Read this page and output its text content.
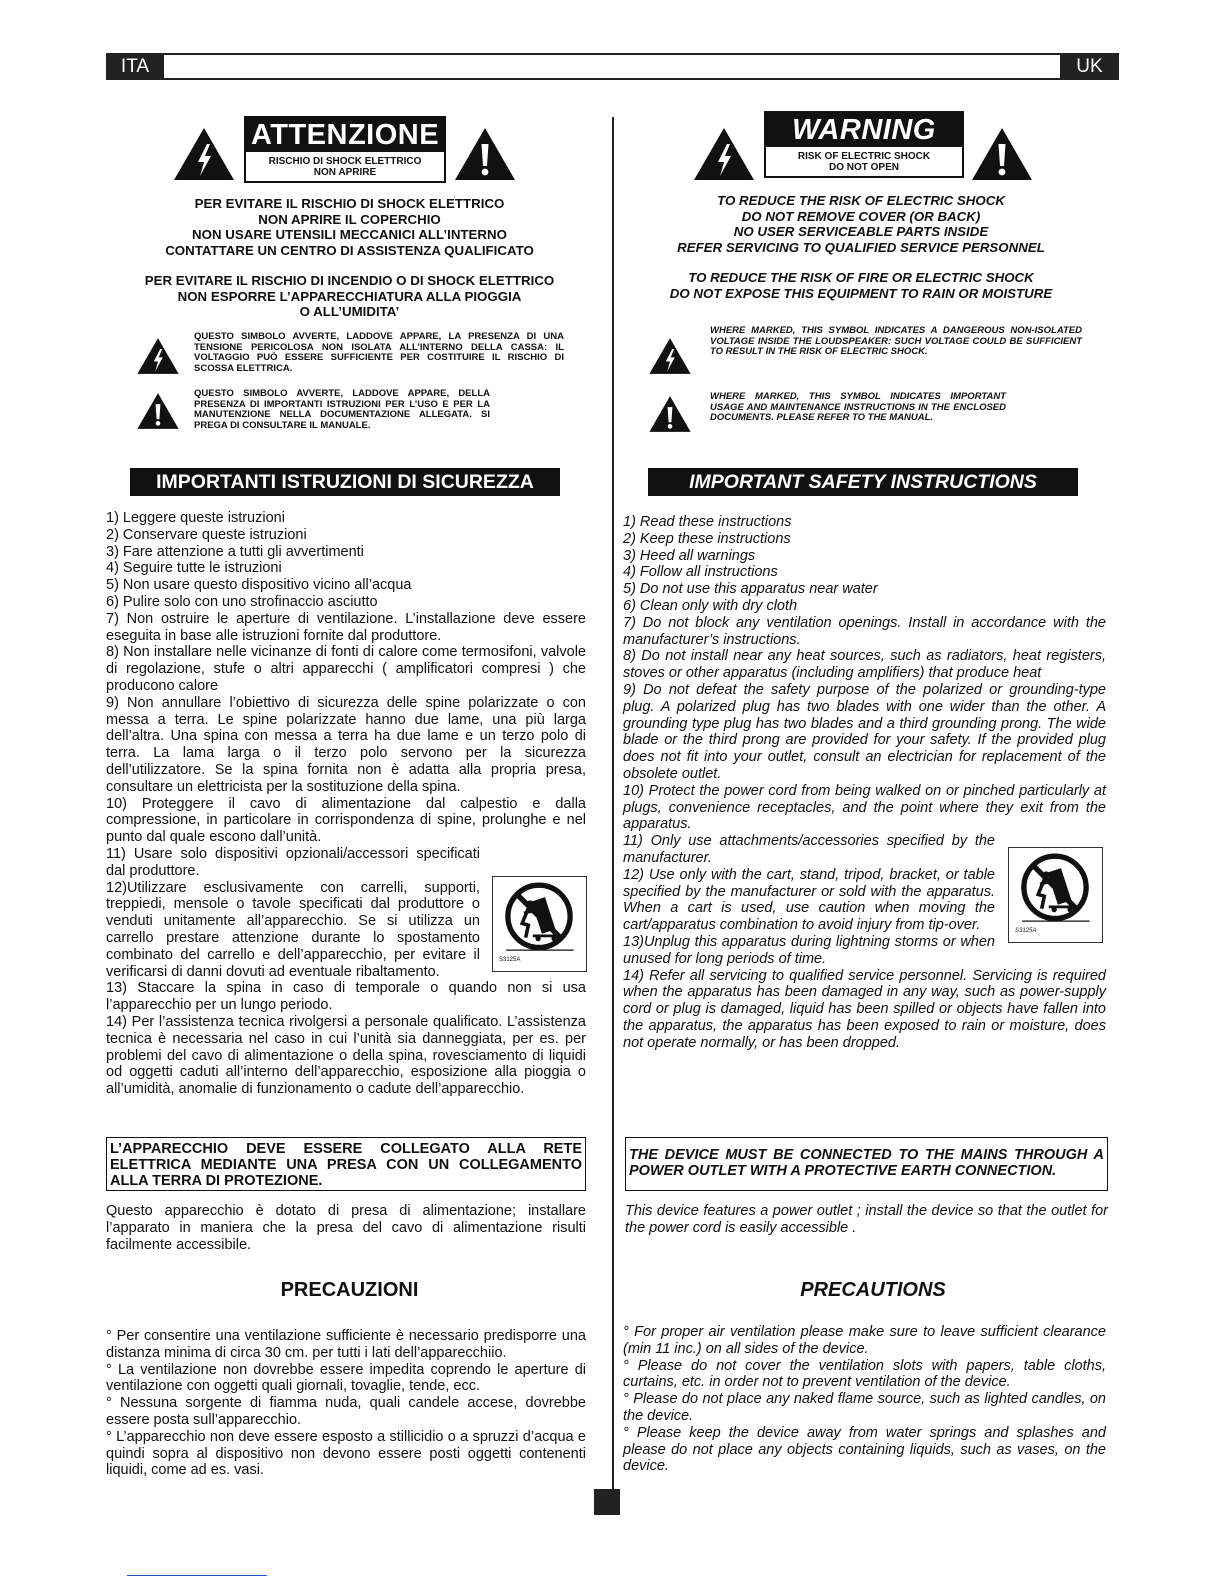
ITA	UK
ATTENZIONE
RISCHIO DI SHOCK ELETTRICO
NON APRIRE
PER EVITARE IL RISCHIO DI SHOCK ELETTRICO
NON APRIRE IL COPERCHIO
NON USARE UTENSILI MECCANICI ALL’INTERNO
CONTATTARE UN CENTRO DI ASSISTENZA QUALIFICATO
PER EVITARE IL RISCHIO DI INCENDIO O DI SHOCK ELETTRICO
NON ESPORRE L’APPARECCHIATURA ALLA PIOGGIA
O ALL’UMIDITA’
QUESTO SIMBOLO AVVERTE, LADDOVE APPARE, LA PRESENZA DI UNA TENSIONE PERICOLOSA NON ISOLATA ALL’INTERNO DELLA CASSA: IL VOLTAGGIO PUÒ ESSERE SUFFICIENTE PER COSTITUIRE IL RISCHIO DI SCOSSA ELETTRICA.
QUESTO SIMBOLO AVVERTE, LADDOVE APPARE, DELLA PRESENZA DI IMPORTANTI ISTRUZIONI PER L’USO E PER LA MANUTENZIONE NELLA DOCUMENTAZIONE ALLEGATA. SI PREGA DI CONSULTARE IL MANUALE.
IMPORTANTI ISTRUZIONI DI SICUREZZA

1) Leggere queste istruzioni

2) Conservare queste istruzioni

3) Fare attenzione a tutti gli avvertimenti

4) Seguire tutte le istruzioni

5) Non usare questo dispositivo vicino all’acqua

6) Pulire solo con uno strofinaccio asciutto

7) Non ostruire le aperture di ventilazione. L’installazione deve essere eseguita in base alle istruzioni fornite dal produttore.

8) Non installare nelle vicinanze di fonti di calore come termosifoni, valvole di regolazione, stufe o altri apparecchi ( amplificatori compresi ) che producono calore

9) Non annullare l’obiettivo di sicurezza delle spine polarizzate o con messa a terra. Le spine polarizzate hanno due lame, una più larga dell’altra. Una spina con messa a terra ha due lame e un terzo polo di terra. La lama larga o il terzo polo servono per la sicurezza dell’utilizzatore. Se la spina fornita non è adatta alla propria presa, consultare un elettricista per la sostituzione della spina.

10) Proteggere il cavo di alimentazione dal calpestio e dalla compressione, in particolare in corrispondenza di spine, prolunghe e nel punto dal quale escono dall’unità.

11) Usare solo dispositivi opzionali/accessori specificati dal produttore.

12)Utilizzare esclusivamente con carrelli, supporti, treppiedi, mensole o tavole specificati dal produttore o venduti unitamente all’apparecchio. Se si utilizza un carrello prestare attenzione durante lo spostamento combinato del carrello e dell’apparecchio, per evitare il verificarsi di danni dovuti ad eventuale ribaltamento.

S3125A

13) Staccare la spina in caso di temporale o quando non si usa l’apparecchio per un lungo periodo.

14) Per l’assistenza tecnica rivolgersi a personale qualificato. L’assistenza tecnica è necessaria nel caso in cui l’unità sia danneggiata, per es. per problemi del cavo di alimentazione o della spina, rovesciamento di liquidi od oggetti caduti all’interno dell’apparecchio, esposizione alla pioggia o all’umidità, anomalie di funzionamento o cadute dell’apparecchio.

L’APPARECCHIO DEVE ESSERE COLLEGATO ALLA RETE ELETTRICA MEDIANTE UNA PRESA CON UN COLLEGAMENTO ALLA TERRA DI PROTEZIONE.
Questo apparecchio è dotato di presa di alimentazione; installare l’apparato in maniera che la presa del cavo di alimentazione risulti facilmente accessibile.
PRECAUZIONI

° Per consentire una ventilazione sufficiente è necessario predisporre una distanza minima di circa 30 cm. per tutti i lati dell’apparecchiio.

° La ventilazione non dovrebbe essere impedita coprendo le aperture di ventilazione con oggetti quali giornali, tovaglie, tende, ecc.

° Nessuna sorgente di fiamma nuda, quali candele accese, dovrebbe essere posta sull’apparecchio.

° L’apparecchio non deve essere esposto a stillicidio o a spruzzi d’acqua e quindi sopra al dispositivo non devono essere posti oggetti contenenti liquidi, come ad es. vasi.

WARNING
RISK OF ELECTRIC SHOCK
DO NOT OPEN
TO REDUCE THE RISK OF ELECTRIC SHOCK
DO NOT REMOVE COVER (OR BACK)
NO USER SERVICEABLE PARTS INSIDE
REFER SERVICING TO QUALIFIED SERVICE PERSONNEL
TO REDUCE THE RISK OF FIRE OR ELECTRIC SHOCK
DO NOT EXPOSE THIS EQUIPMENT TO RAIN OR MOISTURE
WHERE MARKED, THIS SYMBOL INDICATES A DANGEROUS NON-ISOLATED VOLTAGE INSIDE THE LOUDSPEAKER: SUCH VOLTAGE COULD BE SUFFICIENT TO RESULT IN THE RISK OF ELECTRIC SHOCK.
WHERE MARKED, THIS SYMBOL INDICATES IMPORTANT USAGE AND MAINTENANCE INSTRUCTIONS IN THE ENCLOSED DOCUMENTS. PLEASE REFER TO THE MANUAL.
IMPORTANT SAFETY INSTRUCTIONS

1) Read these instructions

2) Keep these instructions

3) Heed all warnings

4) Follow all instructions

5) Do not use this apparatus near water

6) Clean only with dry cloth

7) Do not block any ventilation openings. Install in accordance with the manufacturer’s instructions.

8) Do not install near any heat sources, such as radiators, heat registers, stoves or other apparatus (including amplifiers) that produce heat

9) Do not defeat the safety purpose of the polarized or grounding-type plug. A polarized plug has two blades with one wider than the other. A grounding type plug has two blades and a third grounding prong. The wide blade or the third prong are provided for your safety. If the provided plug does not fit into your outlet, consult an electrician for replacement of the obsolete outlet.

10) Protect the power cord from being walked on or pinched particularly at plugs, convenience receptacles, and the point where they exit from the apparatus.

11) Only use attachments/accessories specified by the manufacturer.

12) Use only with the cart, stand, tripod, bracket, or table specified by the manufacturer or sold with the apparatus. When a cart is used, use caution when moving the cart/apparatus combination to avoid injury from tip-over.

13)Unplug this apparatus during lightning storms or when unused for long periods of time.

S3125A

14) Refer all servicing to qualified service personnel. Servicing is required when the apparatus has been damaged in any way, such as power-supply cord or plug is damaged, liquid has been spilled or objects have fallen into the apparatus, the apparatus has been exposed to rain or moisture, does not operate normally, or has been dropped.

THE DEVICE MUST BE CONNECTED TO THE MAINS THROUGH A POWER OUTLET WITH A PROTECTIVE EARTH CONNECTION.
This device features a power outlet ; install the device so that the outlet for the power cord is easily accessible .
PRECAUTIONS

° For proper air ventilation please make sure to leave sufficient clearance (min 11 inc.) on all sides of the device.

° Please do not cover the ventilation slots with papers, table cloths, curtains, etc. in order not to prevent ventilation of the device.

° Please do not place any naked flame source, such as lighted candles, on the device.

° Please keep the device away from water springs and splashes and please do not place any objects containing liquids, such as vases, on the device.
